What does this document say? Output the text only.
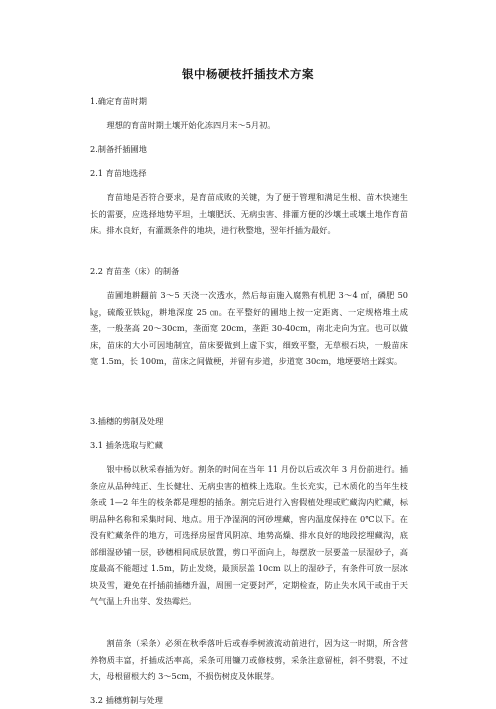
银中杨硬枝扦插技术方案
1.确定育苗时期
理想的育苗时期土壤开始化冻四月末～5月初。
2.制备扦插圃地
2.1 育苗地选择
育苗地是否符合要求，是育苗成败的关键，为了便于管理和满足生根、苗木快速生长的需要，应选择地势平坦，土壤肥沃、无病虫害、排灌方便的沙壤土或壤土地作育苗床。排水良好，有灌溉条件的地块，进行秋整地，翌年扦插为最好。
2.2 育苗垄（床）的制备
苗圃地耕翻前 3～5 天浇一次透水，然后每亩施入腐熟有机肥 3～4 ㎡，磷肥 50 ㎏，硫酸亚铁㎏，耕地深度 25 ㎝。在平整好的圃地上按一定距离、一定规格堆土成垄，一般垄高 20～30cm，垄面宽 20cm，垄距 30-40cm，南北走向为宜。也可以做床，苗床的大小可因地制宜，苗床要做到上虚下实，细致平整，无草根石块，一般苗床宽 1.5m，长 100m，苗床之间做梗，并留有步道，步道宽 30cm，地埂要培土踩实。
3.插穗的剪制及处理
3.1 插条选取与贮藏
银中杨以秋采春插为好。割条的时间在当年 11 月份以后或次年 3 月份前进行。插条应从品种纯正、生长健壮、无病虫害的植株上选取。生长充实，已木质化的当年生枝条或 1—2 年生的枝条都是理想的插条。割完后进行入窖假植处理或贮藏沟内贮藏，标明品种名称和采集时间、地点。用于净湿润的河砂埋藏，窖内温度保持在 0℃以下。在没有贮藏条件的地方，可选择房屋背风阴凉、地势高燥、排水良好的地段挖埋藏沟，底部细湿砂铺一层，砂穗相间成层放置，剪口平面向上，每摆放一层要盖一层湿砂子，高度最高不能超过 1.5m，防止发烧，最顶层盖 10cm 以上的湿砂子，有条件可放一层冰块及雪，避免在扦插前插穗升温，周围一定要封严，定期检查，防止失水风干或由于天气气温上升出芽、发热霉烂。
割苗条（采条）必须在秋季落叶后或春季树液流动前进行，因为这一时期，所含营养物质丰富，扦插成活率高，采条可用镰刀或修枝剪，采条注意留桩，斜不劈裂，不过大，母根留根大约 3～5cm，不损伤树皮及休眠芽。
3.2 插穗剪制与处理
